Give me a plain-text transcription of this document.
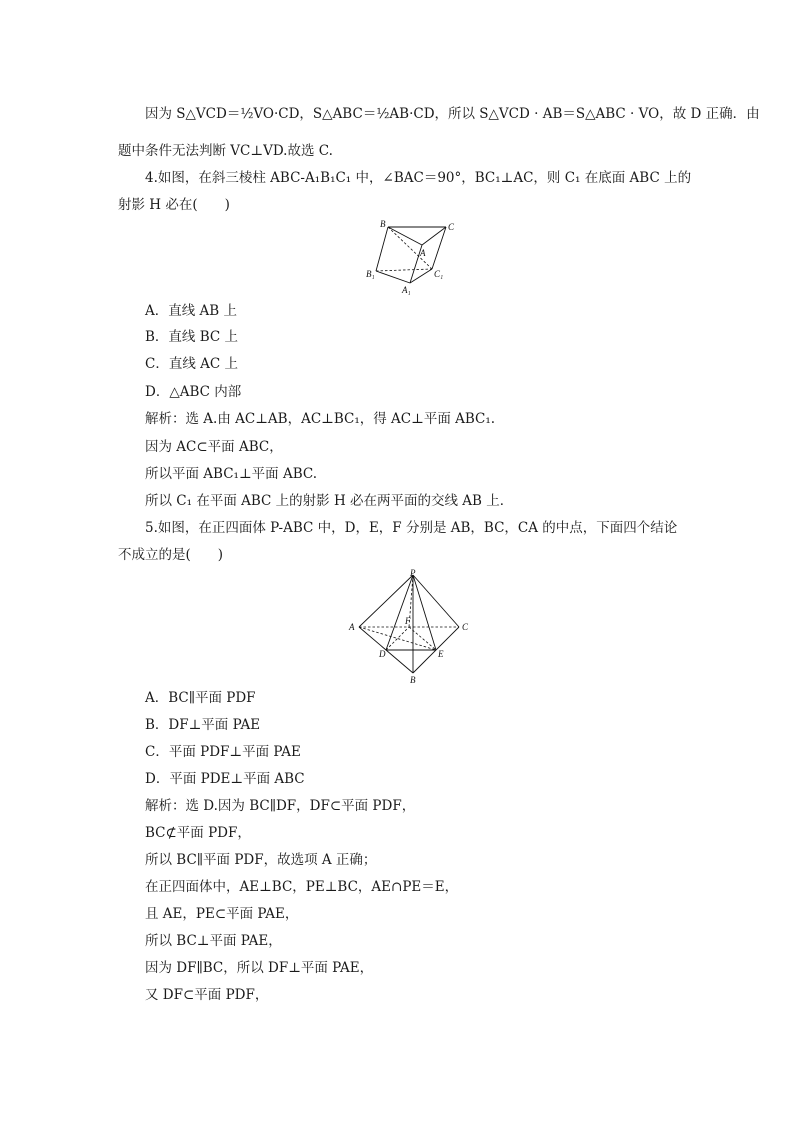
因为 S△VCD＝½VO·CD，S△ABC＝½AB·CD，所以 S△VCD · AB＝S△ABC · VO，故 D 正确．由
题中条件无法判断 VC⊥VD.故选 C.
4.如图，在斜三棱柱 ABC-A₁B₁C₁ 中，∠BAC＝90°，BC₁⊥AC，则 C₁ 在底面 ABC 上的
射影 H 必在(　　)
A．直线 AB 上
B．直线 BC 上
C．直线 AC 上
D．△ABC 内部
解析：选 A.由 AC⊥AB，AC⊥BC₁，得 AC⊥平面 ABC₁.
因为 AC⊂平面 ABC，
所以平面 ABC₁⊥平面 ABC.
所以 C₁ 在平面 ABC 上的射影 H 必在两平面的交线 AB 上．
5.如图，在正四面体 P-ABC 中，D，E，F 分别是 AB，BC，CA 的中点，下面四个结论
不成立的是(　　)
A．BC∥平面 PDF
B．DF⊥平面 PAE
C．平面 PDF⊥平面 PAE
D．平面 PDE⊥平面 ABC
解析：选 D.因为 BC∥DF，DF⊂平面 PDF，
BC⊄平面 PDF，
所以 BC∥平面 PDF，故选项 A 正确；
在正四面体中，AE⊥BC，PE⊥BC，AE∩PE＝E，
且 AE，PE⊂平面 PAE，
所以 BC⊥平面 PAE，
因为 DF∥BC，所以 DF⊥平面 PAE，
又 DF⊂平面 PDF，
B	C
A
B₁	C₁
A₁
P
A	C
F
D	E
B
